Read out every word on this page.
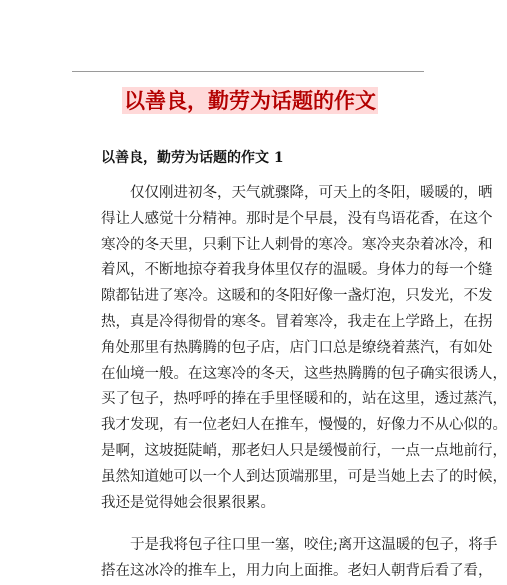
以善良，勤劳为话题的作文
以善良，勤劳为话题的作文 1
　　仅仅刚进初冬，天气就骤降，可天上的冬阳，暖暖的，晒
得让人感觉十分精神。那时是个早晨，没有鸟语花香，在这个
寒冷的冬天里，只剩下让人剌骨的寒冷。寒冷夹杂着冰冷，和
着风，不断地掠夺着我身体里仅存的温暖。身体力的每一个缝
隙都钻进了寒冷。这暖和的冬阳好像一盏灯泡，只发光，不发
热，真是冷得彻骨的寒冬。冒着寒冷，我走在上学路上，在拐
角处那里有热腾腾的包子店，店门口总是缭绕着蒸汽，有如处
在仙境一般。在这寒冷的冬天，这些热腾腾的包子确实很诱人，
买了包子，热呼呼的捧在手里怪暖和的，站在这里，透过蒸汽，
我才发现，有一位老妇人在推车，慢慢的，好像力不从心似的。
是啊，这坡挺陡峭，那老妇人只是缓慢前行，一点一点地前行，
虽然知道她可以一个人到达顶端那里，可是当她上去了的时候，
我还是觉得她会很累很累。
　　于是我将包子往口里一塞，咬住;离开这温暖的包子，将手
搭在这冰冷的推车上，用力向上面推。老妇人朝背后看了看，
